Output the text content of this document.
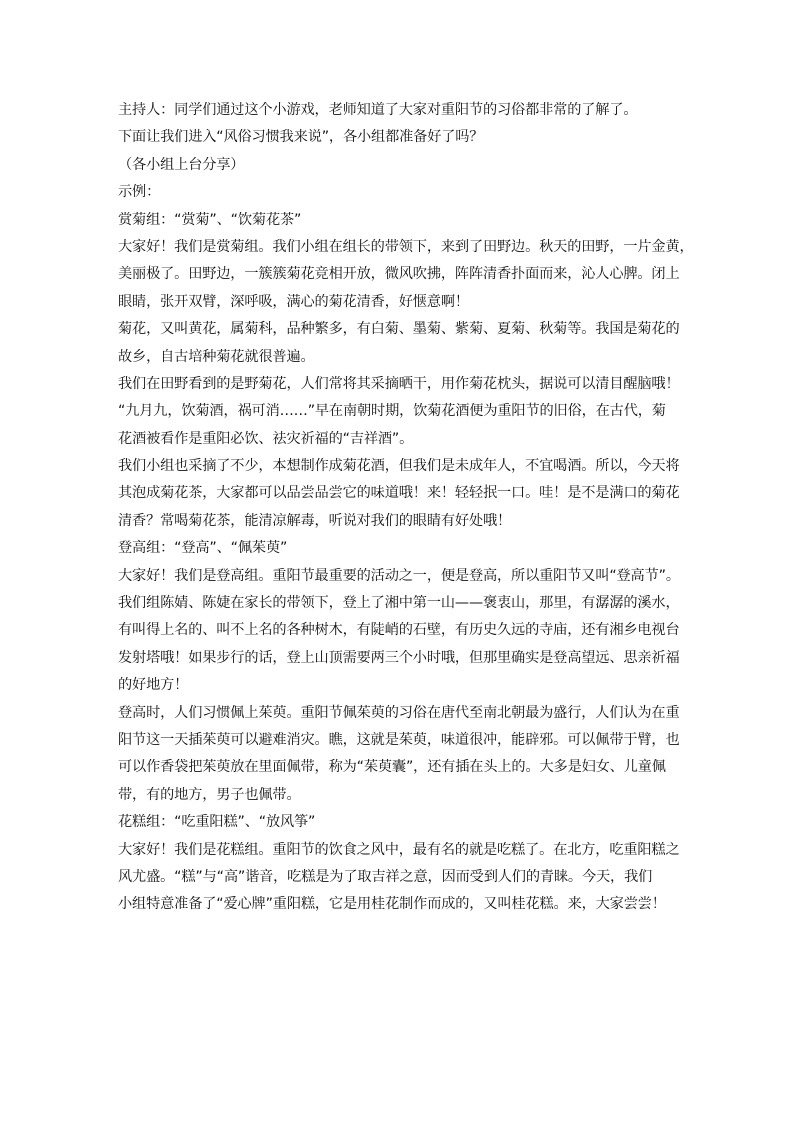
主持人：同学们通过这个小游戏，老师知道了大家对重阳节的习俗都非常的了解了。
下面让我们进入“风俗习惯我来说”，各小组都准备好了吗？
（各小组上台分享）
示例：
赏菊组：“赏菊”、“饮菊花茶”
大家好！我们是赏菊组。我们小组在组长的带领下，来到了田野边。秋天的田野，一片金黄，
美丽极了。田野边，一簇簇菊花竞相开放，微风吹拂，阵阵清香扑面而来，沁人心脾。闭上
眼睛，张开双臂，深呼吸，满心的菊花清香，好惬意啊！
菊花，又叫黄花，属菊科，品种繁多，有白菊、墨菊、紫菊、夏菊、秋菊等。我国是菊花的
故乡，自古培种菊花就很普遍。
我们在田野看到的是野菊花，人们常将其采摘晒干，用作菊花枕头，据说可以清目醒脑哦！
“九月九，饮菊酒，祸可消……”早在南朝时期，饮菊花酒便为重阳节的旧俗，在古代，菊
花酒被看作是重阳必饮、祛灾祈福的“吉祥酒”。
我们小组也采摘了不少，本想制作成菊花酒，但我们是未成年人，不宜喝酒。所以，今天将
其泡成菊花茶，大家都可以品尝品尝它的味道哦！来！轻轻抿一口。哇！是不是满口的菊花
清香？常喝菊花茶，能清凉解毒，听说对我们的眼睛有好处哦！
登高组：“登高”、“佩茱萸”
大家好！我们是登高组。重阳节最重要的活动之一，便是登高，所以重阳节又叫“登高节”。
我们组陈婧、陈婕在家长的带领下，登上了湘中第一山——褒衷山，那里，有潺潺的溪水，
有叫得上名的、叫不上名的各种树木，有陡峭的石壁，有历史久远的寺庙，还有湘乡电视台
发射塔哦！如果步行的话，登上山顶需要两三个小时哦，但那里确实是登高望远、思亲祈福
的好地方！
登高时，人们习惯佩上茱萸。重阳节佩茱萸的习俗在唐代至南北朝最为盛行，人们认为在重
阳节这一天插茱萸可以避难消灾。瞧，这就是茱萸，味道很冲，能辟邪。可以佩带于臂，也
可以作香袋把茱萸放在里面佩带，称为“茱萸囊”，还有插在头上的。大多是妇女、儿童佩
带，有的地方，男子也佩带。
花糕组：“吃重阳糕”、“放风筝”
大家好！我们是花糕组。重阳节的饮食之风中，最有名的就是吃糕了。在北方，吃重阳糕之
风尤盛。“糕”与“高”谐音，吃糕是为了取吉祥之意，因而受到人们的青睐。今天，我们
小组特意准备了“爱心牌”重阳糕，它是用桂花制作而成的，又叫桂花糕。来，大家尝尝！
